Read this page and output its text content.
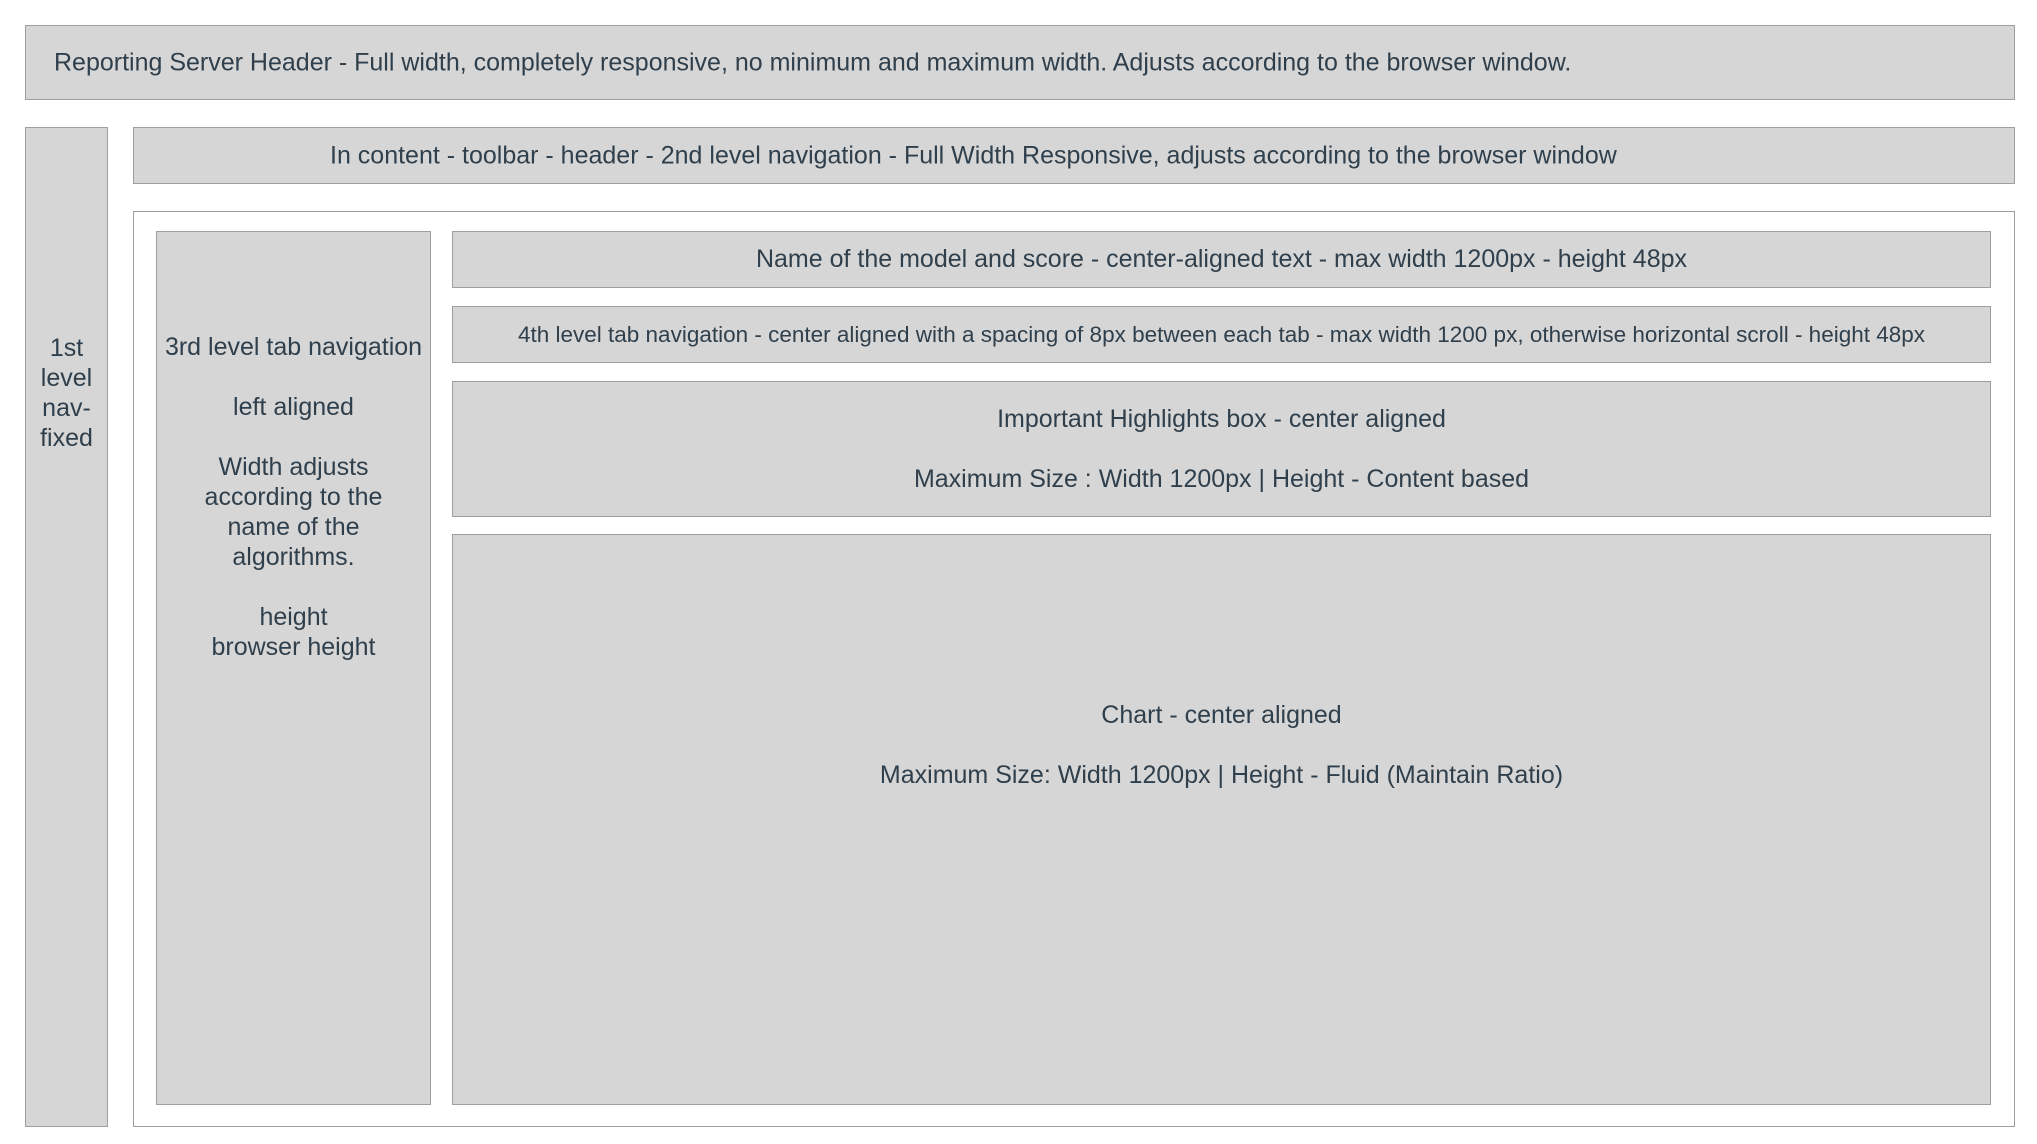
Reporting Server Header - Full width, completely responsive, no minimum and maximum width. Adjusts according to the browser window.
1st
level
nav-
fixed
In content - toolbar - header - 2nd level navigation - Full Width Responsive, adjusts according to the browser window
3rd level tab navigation
left aligned
Width adjusts
according to the
name of the
algorithms.
height
browser height
Name of the model and score - center-aligned text - max width 1200px - height 48px
4th level tab navigation - center aligned with a spacing of 8px between each tab - max width 1200 px, otherwise horizontal scroll - height 48px
Important Highlights box - center aligned
Maximum Size : Width 1200px | Height - Content based
Chart - center aligned
Maximum Size: Width 1200px | Height - Fluid (Maintain Ratio)
